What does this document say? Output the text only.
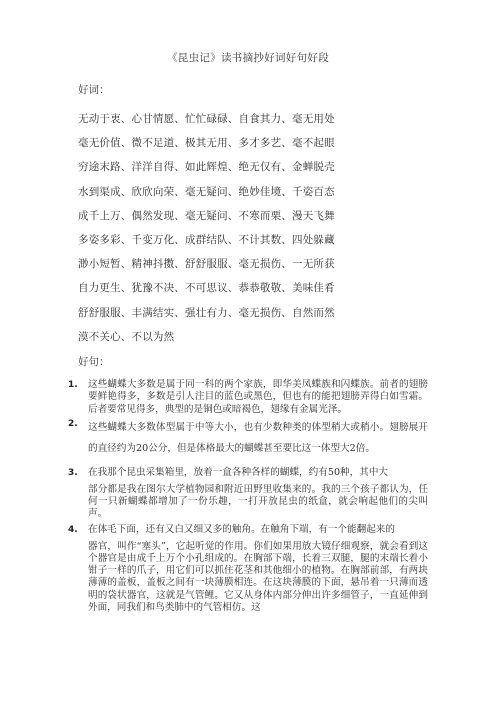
《昆虫记》读书摘抄好词好句好段
好词：
无动于衷、心甘情愿、忙忙碌碌、自食其力、毫无用处
毫无价值、微不足道、极其无用、多才多艺、毫不起眼
穷途末路、洋洋自得、如此辉煌、绝无仅有、金蝉脱壳
水到渠成、欣欣向荣、毫无疑问、绝妙佳境、千姿百态
成千上万、偶然发现、毫无疑问、不寒而栗、漫天飞舞
多姿多彩、千变万化、成群结队、不计其数、四处躲藏
渺小短暂、精神抖擞、舒舒服服、毫无损伤、一无所获
自力更生、犹豫不决、不可思议、恭恭敬敬、美味佳肴
舒舒服服、丰满结实、强壮有力、毫无损伤、自然而然
漠不关心、不以为然
好句：
1.	这些蝴蝶大多数是属于同一科的两个家族，即华美凤蝶族和闪蝶族。前者的翅膀要鲜艳得多，多数是引人注目的蓝色或黑色，但也有的能把翅膀弄得白如雪霜。后者要常见得多，典型的是铜色或暗褐色，翅缘有金属光泽。
2.	这些蝴蝶大多数体型属于中等大小，也有少数种类的体型稍大或稍小。翅膀展开的直径约为20公分，但是体格最大的蝴蝶甚至要比这一体型大2倍。
3.	在我那个昆虫采集箱里，放着一盒各种各样的蝴蝶，约有50种，其中大
部分都是我在图尔大学植物园和附近田野里收集来的。我的三个孩子都认为，任何一只新蝴蝶都增加了一份乐趣，一打开放昆虫的纸盒，就会响起他们的尖叫声。
4.	在体毛下面，还有又白又细又多的触角。在触角下端，有一个能翻起来的
器官，叫作“塞头”，它起听觉的作用。你们如果用放大镜仔细观察，就会看到这个器官是由成千上万个小孔组成的。在胸部下端，长着三双腿，腿的末端长着小钳子一样的爪子，用它们可以抓住花茎和其他细小的植物。在胸部前部，有两块薄薄的盖板，盖板之间有一块薄膜相连。在这块薄膜的下面，悬吊着一只薄而透明的袋状器官，这就是气管鲤。它又从身体内部分伸出许多细管子，一直延伸到外面，同我们和鸟类肺中的气管相仿。这
